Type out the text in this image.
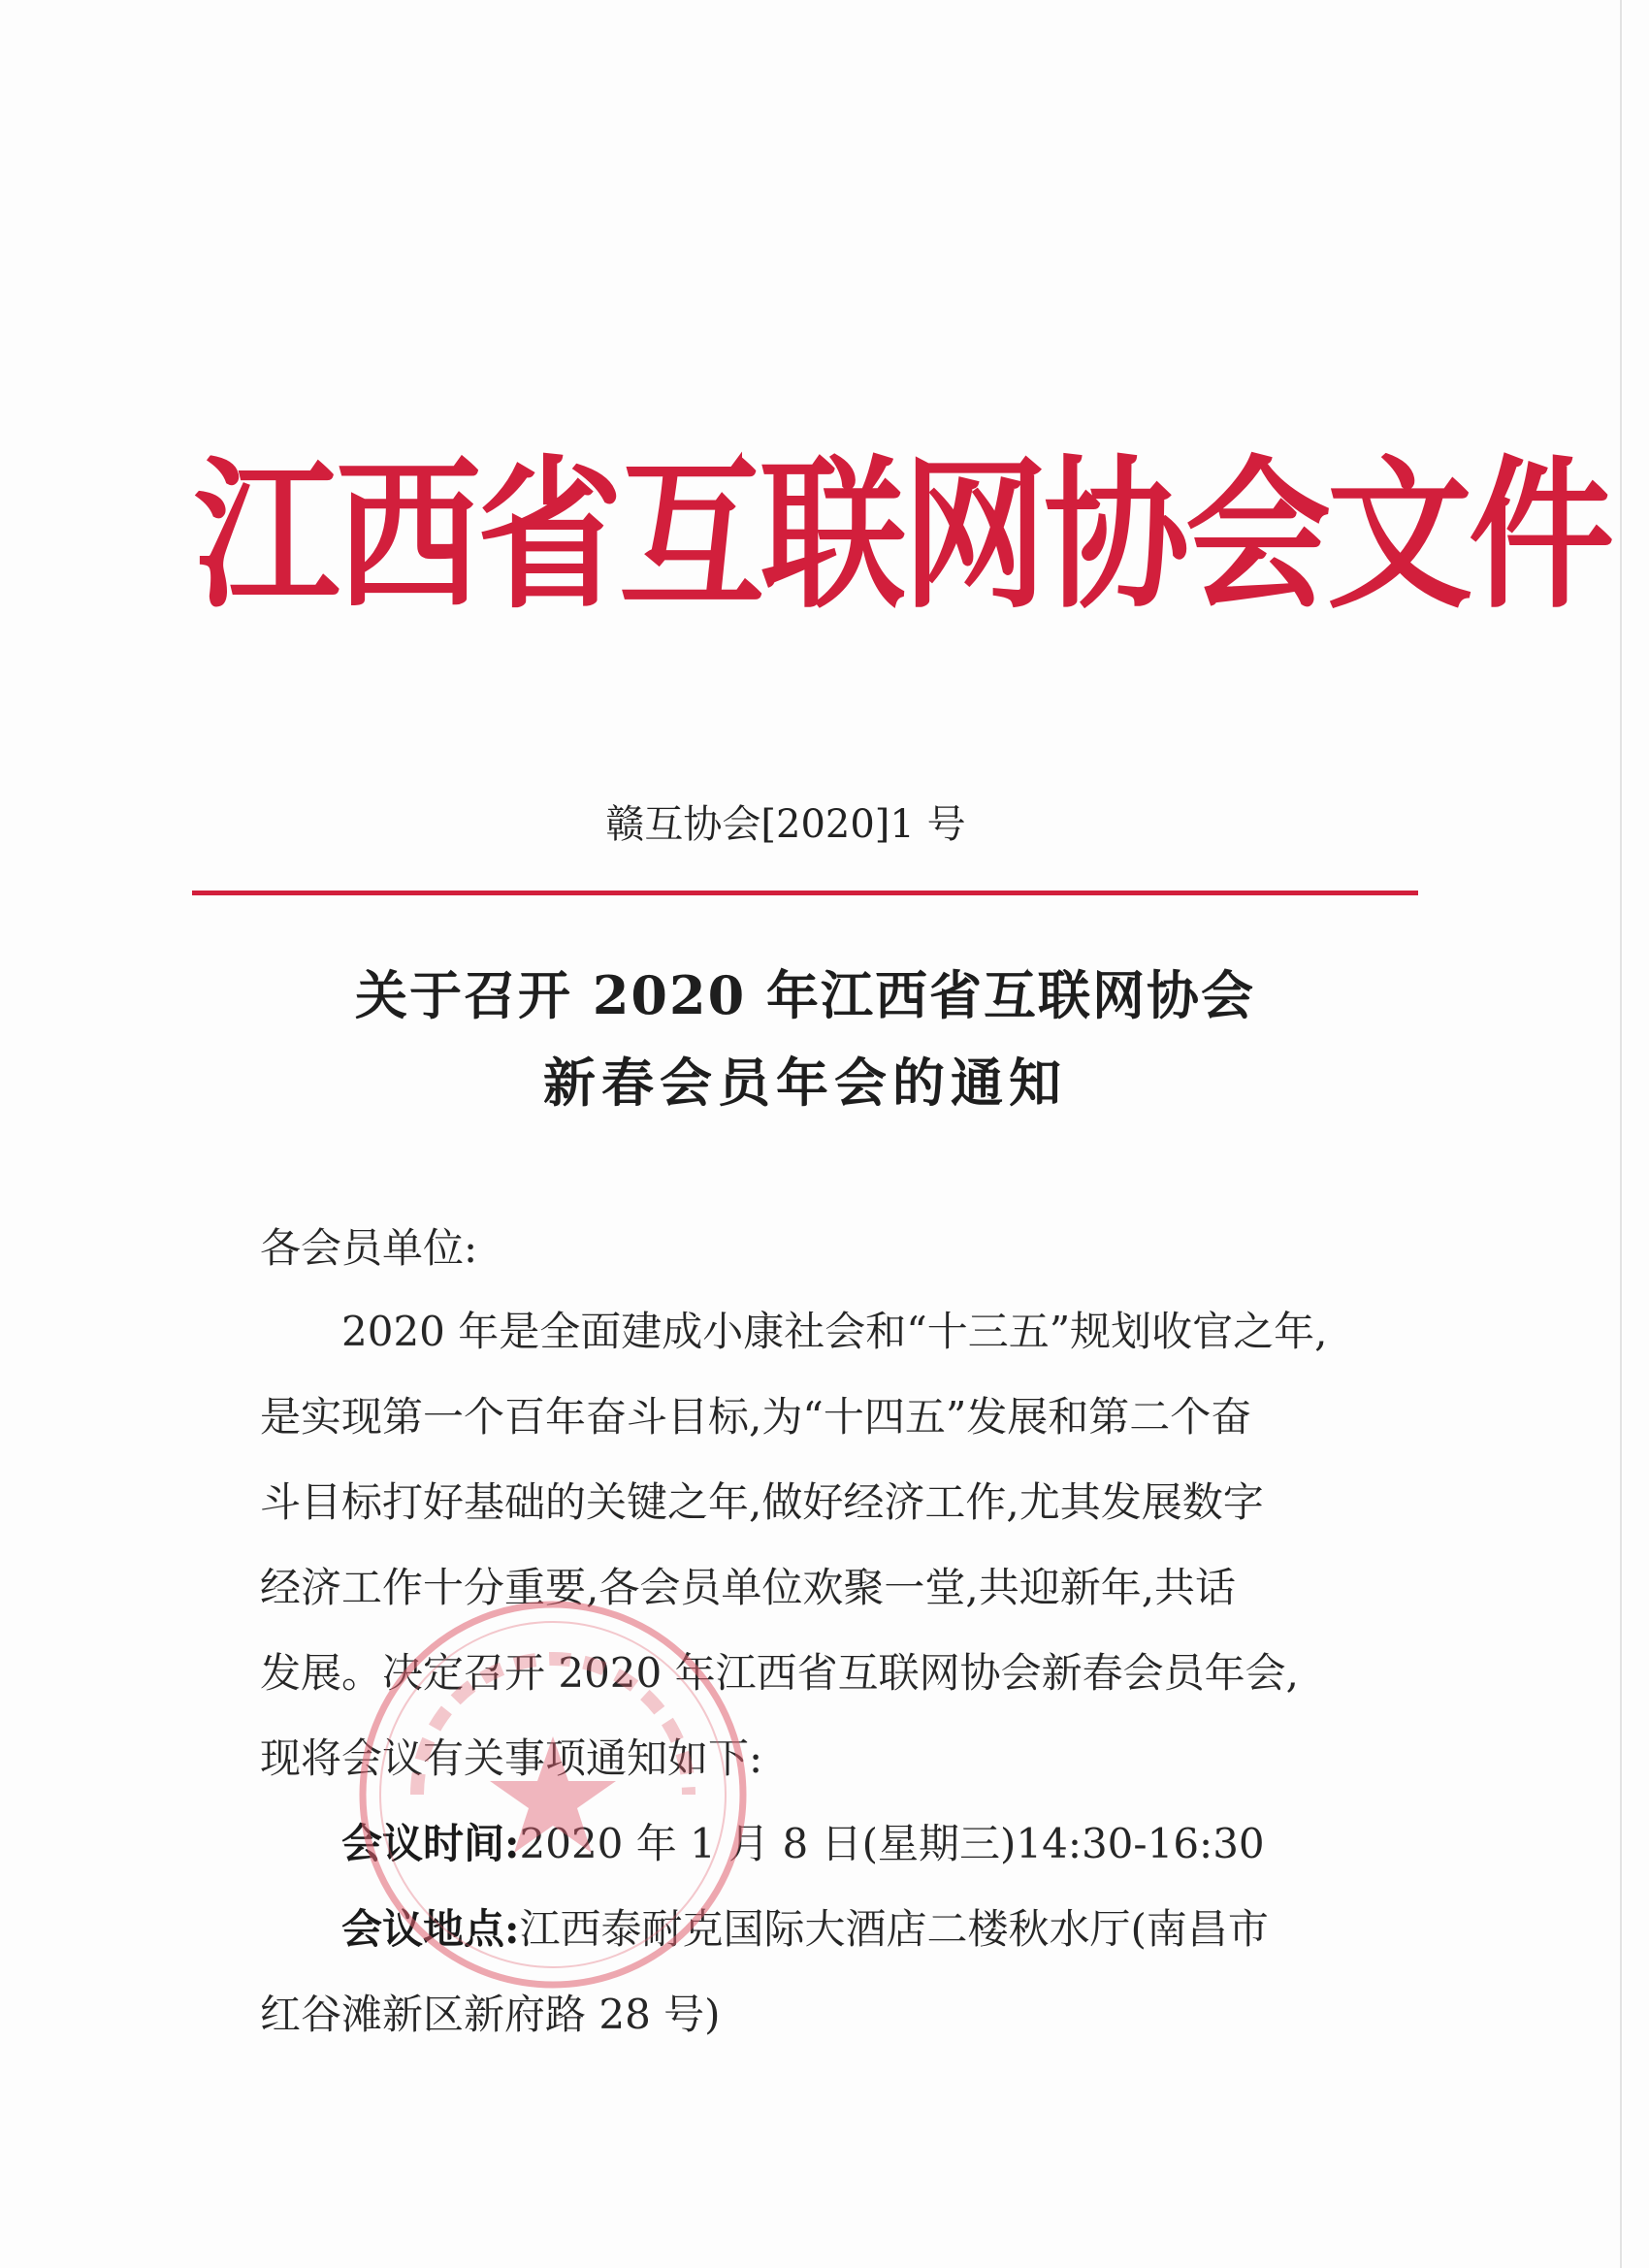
江西省互联网协会文件
赣互协会[2020]1 号
关于召开 2020 年江西省互联网协会
新春会员年会的通知
各会员单位:
2020 年是全面建成小康社会和“十三五”规划收官之年,
是实现第一个百年奋斗目标,为“十四五”发展和第二个奋
斗目标打好基础的关键之年,做好经济工作,尤其发展数字
经济工作十分重要,各会员单位欢聚一堂,共迎新年,共话
发展。决定召开 2020 年江西省互联网协会新春会员年会,
现将会议有关事项通知如下:
会议时间:2020 年 1 月 8 日(星期三)14:30-16:30
会议地点:江西泰耐克国际大酒店二楼秋水厅(南昌市
红谷滩新区新府路 28 号)
